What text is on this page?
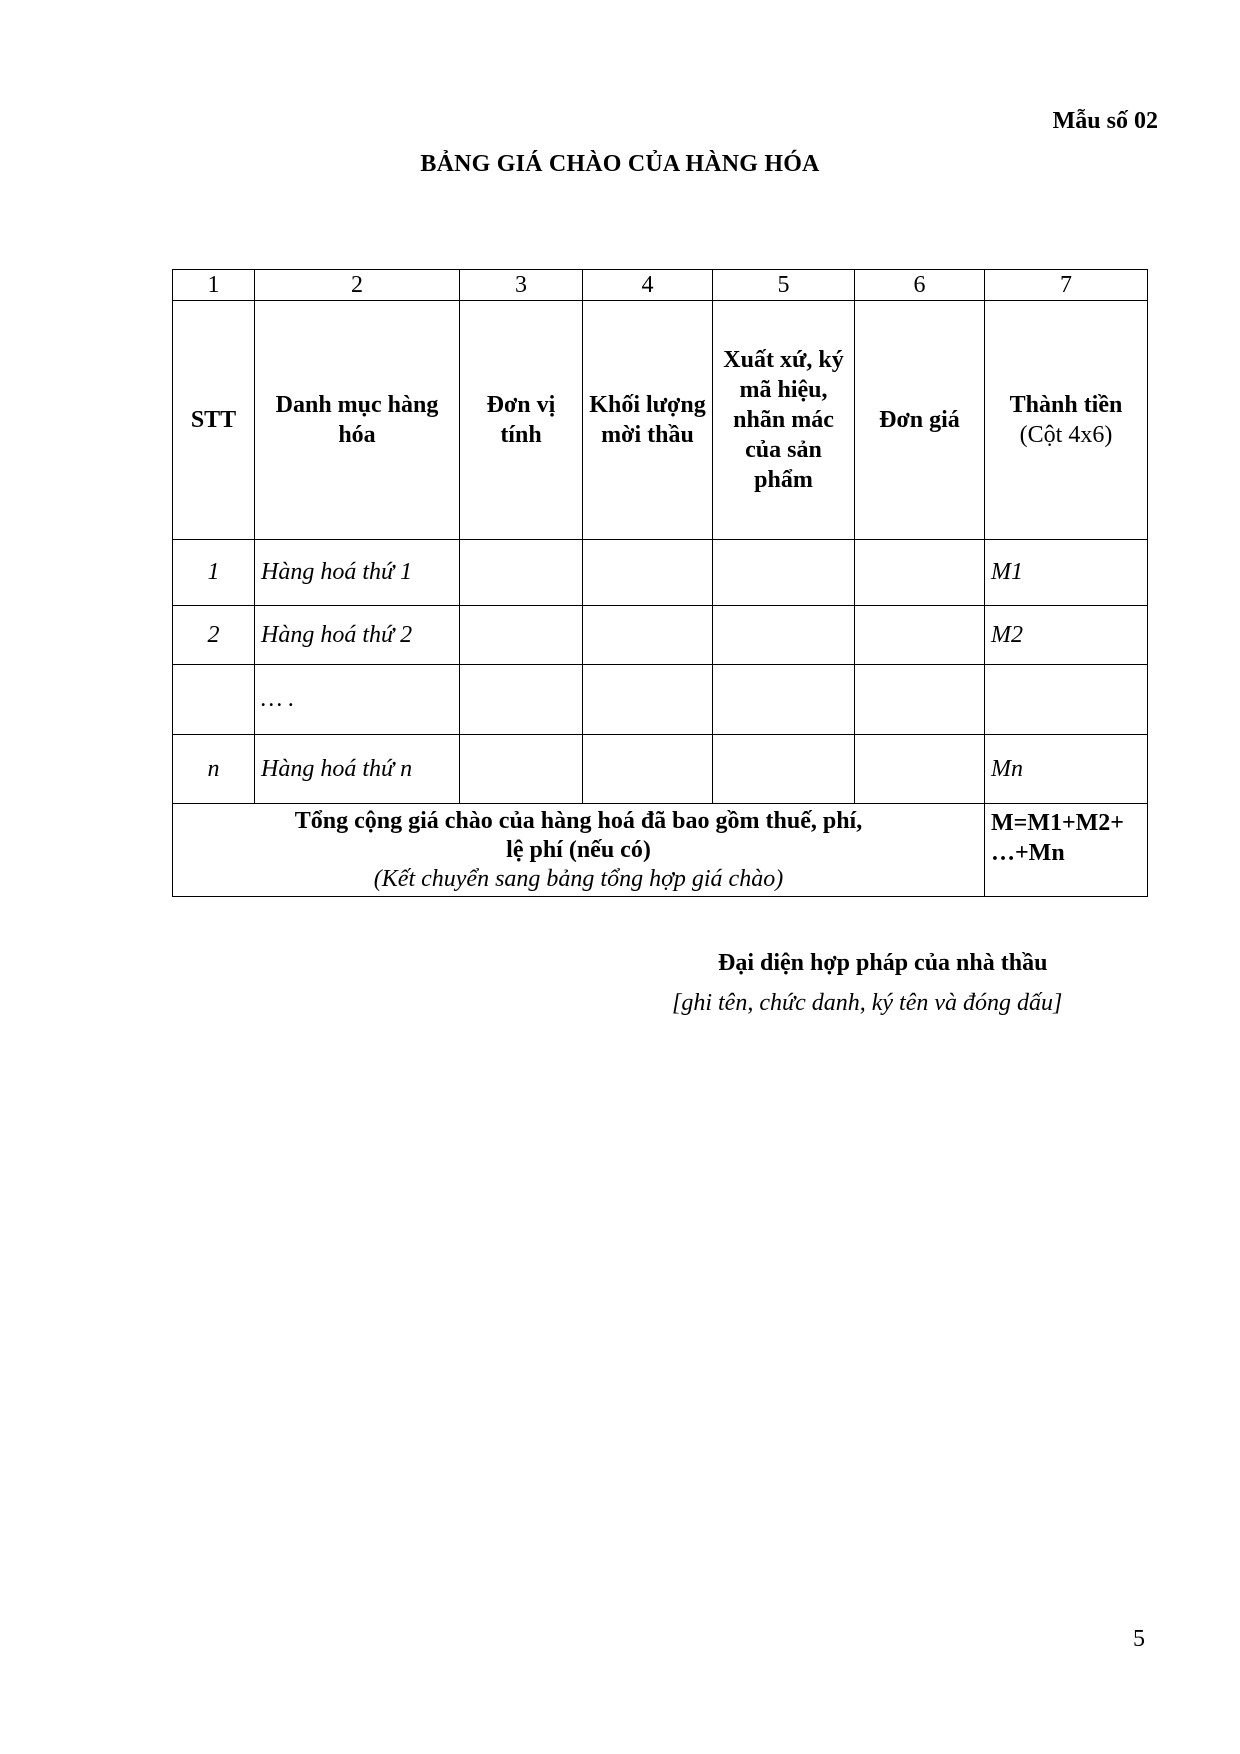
Mẫu số 02
BẢNG GIÁ CHÀO CỦA HÀNG HÓA
1	2	3	4	5	6	7
STT	Danh mục hàng hóa	Đơn vị tính	Khối lượng mời thầu	Xuất xứ, ký mã hiệu, nhãn mác của sản phẩm	Đơn giá	Thành tiền
(Cột 4x6)

1	Hàng hoá thứ 1					M1
2	Hàng hoá thứ 2					M2
	… .					
n	Hàng hoá thứ n					Mn

Tổng cộng giá chào của hàng hoá đã bao gồm thuế, phí,
lệ phí (nếu có)
(Kết chuyển sang bảng tổng hợp giá chào)						M=M1+M2+
…+Mn
Đại diện hợp pháp của nhà thầu
[ghi tên, chức danh, ký tên và đóng dấu]
5
